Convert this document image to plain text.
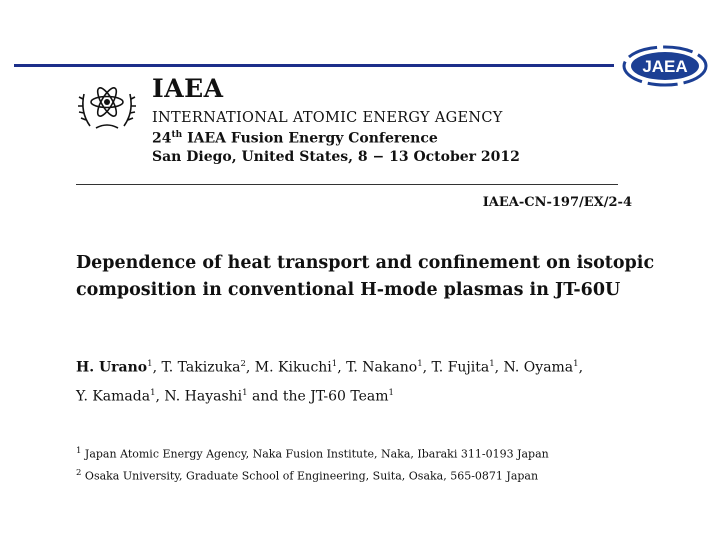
JAEA
IAEA
INTERNATIONAL ATOMIC ENERGY AGENCY
24th IAEA Fusion Energy Conference
San Diego, United States, 8 − 13 October 2012
IAEA-CN-197/EX/2-4
Dependence of heat transport and confinement on isotopic
composition in conventional H-mode plasmas in JT-60U
H. Urano$^1$, T. Takizuka$^2$, M. Kikuchi$^1$, T. Nakano$^1$, T. Fujita$^1$, N. Oyama$^1$,
Y. Kamada$^1$, N. Hayashi$^1$ and the JT-60 Team$^1$
$^1$ Japan Atomic Energy Agency, Naka Fusion Institute, Naka, Ibaraki 311-0193 Japan
$^2$ Osaka University, Graduate School of Engineering, Suita, Osaka, 565-0871 Japan
